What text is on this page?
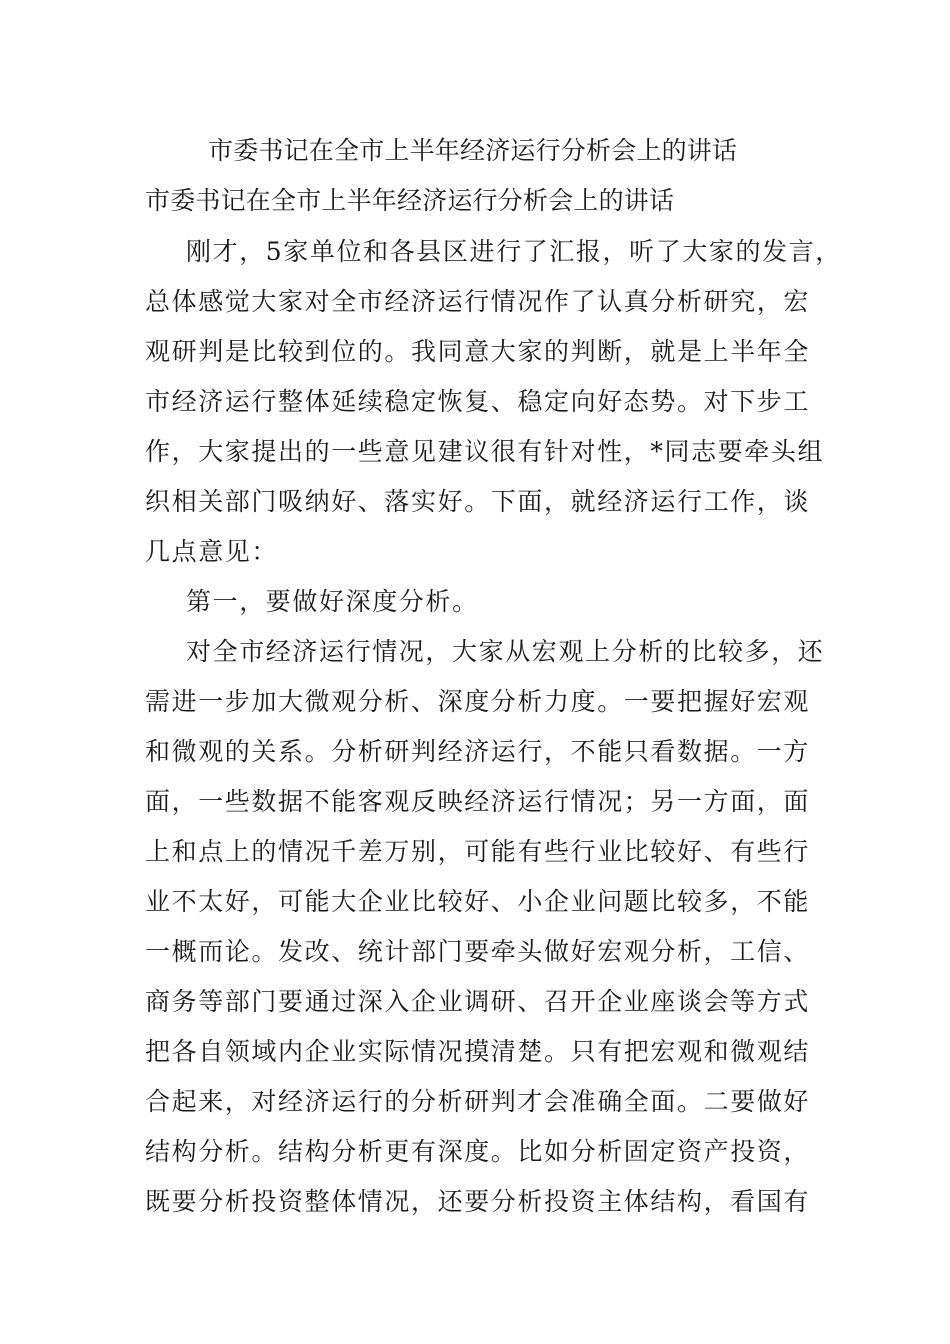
市委书记在全市上半年经济运行分析会上的讲话
市委书记在全市上半年经济运行分析会上的讲话
刚才，5家单位和各县区进行了汇报，听了大家的发言，
总体感觉大家对全市经济运行情况作了认真分析研究，宏
观研判是比较到位的。我同意大家的判断，就是上半年全
市经济运行整体延续稳定恢复、稳定向好态势。对下步工
作，大家提出的一些意见建议很有针对性，*同志要牵头组
织相关部门吸纳好、落实好。下面，就经济运行工作，谈
几点意见：
第一，要做好深度分析。
对全市经济运行情况，大家从宏观上分析的比较多，还
需进一步加大微观分析、深度分析力度。一要把握好宏观
和微观的关系。分析研判经济运行，不能只看数据。一方
面，一些数据不能客观反映经济运行情况；另一方面，面
上和点上的情况千差万别，可能有些行业比较好、有些行
业不太好，可能大企业比较好、小企业问题比较多，不能
一概而论。发改、统计部门要牵头做好宏观分析，工信、
商务等部门要通过深入企业调研、召开企业座谈会等方式
把各自领域内企业实际情况摸清楚。只有把宏观和微观结
合起来，对经济运行的分析研判才会准确全面。二要做好
结构分析。结构分析更有深度。比如分析固定资产投资，
既要分析投资整体情况，还要分析投资主体结构，看国有
